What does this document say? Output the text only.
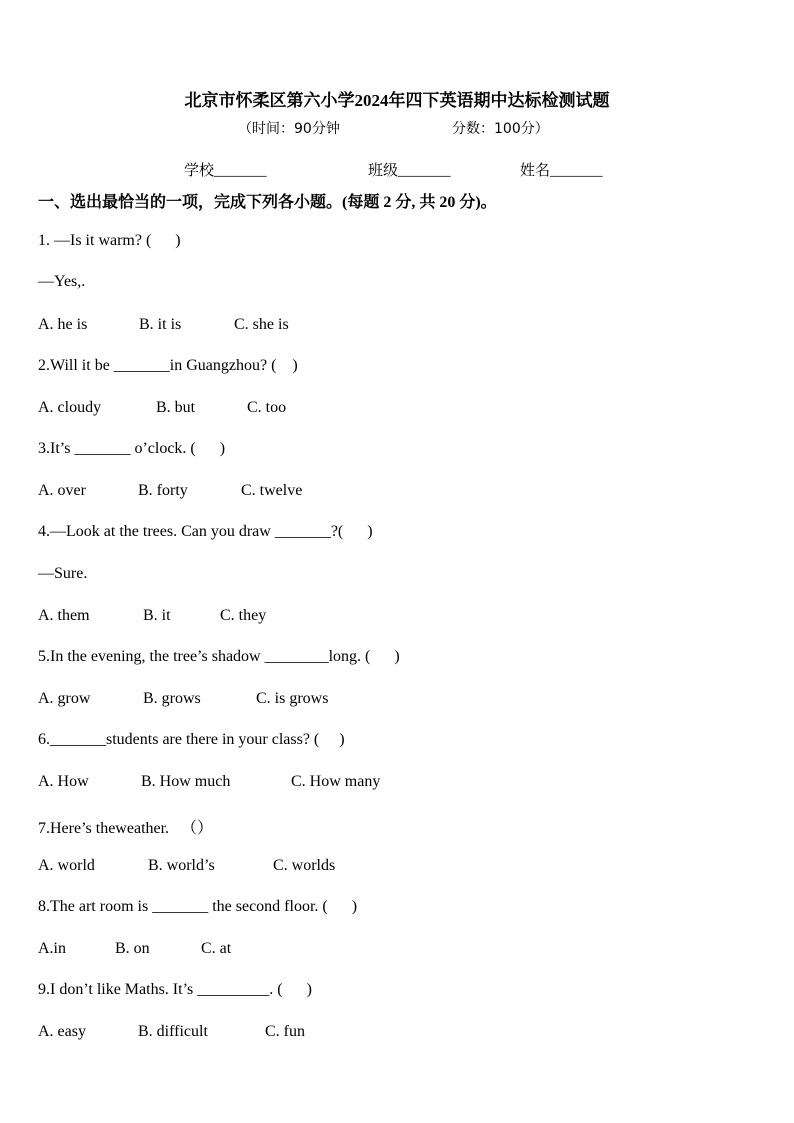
北京市怀柔区第六小学2024年四下英语期中达标检测试题
（时间：90分钟	分数：100分）
学校_______	班级_______	姓名_______
一、选出最恰当的一项，完成下列各小题。(每题 2 分, 共 20 分)。
1. —Is it warm? (      )
—Yes,.
A. he is	B. it is	C. she is
2.Will it be _______in Guangzhou? (    )
A. cloudy	B. but	C. too
3.It’s _______ o’clock. (      )
A. over	B. forty	C. twelve
4.—Look at the trees. Can you draw _______?(      )
—Sure.
A. them	B. it	C. they
5.In the evening, the tree’s shadow ________long. (      )
A. grow	B. grows	C. is grows
6._______students are there in your class? (     )
A. How	B. How much	C. How many
7.Here’s theweather.   （）
A. world	B. world’s	C. worlds
8.The art room is _______ the second floor. (      )
A.in	B. on	C. at
9.I don’t like Maths. It’s _________. (      )
A. easy	B. difficult	C. fun
